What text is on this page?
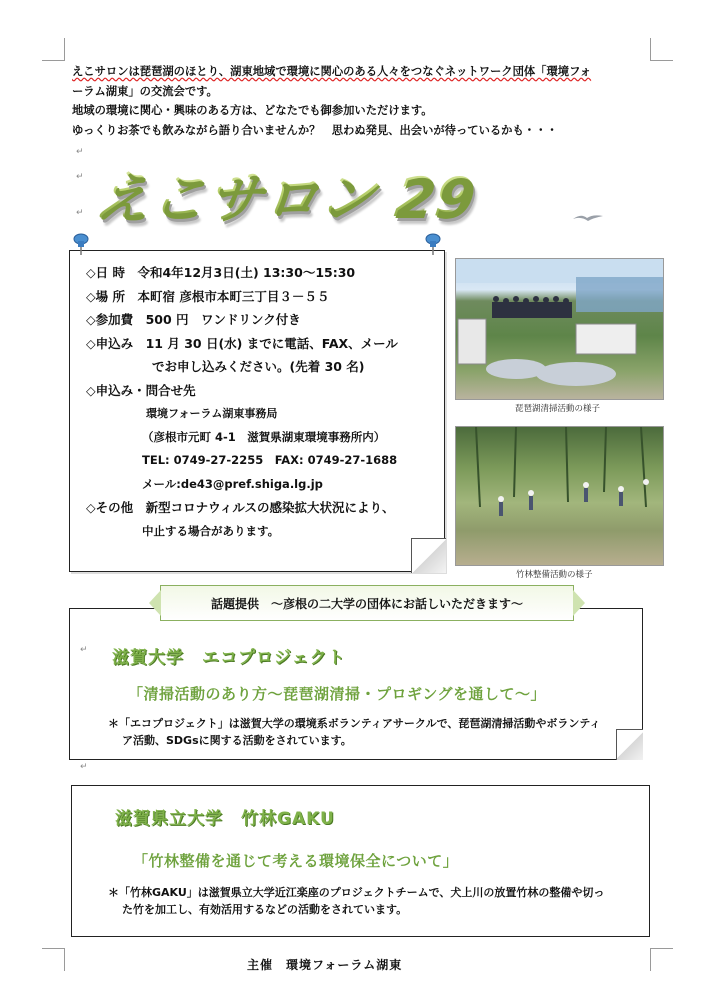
えこサロンは琵琶湖のほとり、湖東地域で環境に関心のある人々をつなぐネットワーク団体「環境フォ

ーラム湖東」の交流会です。

地域の環境に関心・興味のある方は、どなたでも御参加いただけます。

ゆっくりお茶でも飲みながら語り合いませんか？　思わぬ発見、出会いが待っているかも・・・

↵
↵
↵ えこサロン 29
◇日 時　令和4年12月3日(土) 13:30～15:30
◇場 所　本町宿 彦根市本町三丁目３－５５
◇参加費　500 円　ワンドリンク付き
◇申込み　11 月 30 日(水) までに電話、FAX、メール
でお申し込みください。(先着 30 名)
◇申込み・問合せ先
環境フォーラム湖東事務局
（彦根市元町 4-1　滋賀県湖東環境事務所内）
TEL: 0749-27-2255　FAX: 0749-27-1688
メール:de43@pref.shiga.lg.jp
◇その他　新型コロナウィルスの感染拡大状況により、
中止する場合があります。
琵琶湖清掃活動の様子
竹林整備活動の様子
話題提供　～彦根の二大学の団体にお話しいただきます～
滋賀大学　エコプロジェクト
「清掃活動のあり方～琵琶湖清掃・プロギングを通して～」
＊「エコプロジェクト」は滋賀大学の環境系ボランティアサークルで、琵琶湖清掃活動やボランティ
ア活動、SDGsに関する活動をされています。
↵
↵
滋賀県立大学　竹林GAKU
「竹林整備を通じて考える環境保全について」
＊「竹林GAKU」は滋賀県立大学近江楽座のプロジェクトチームで、犬上川の放置竹林の整備や切っ
た竹を加工し、有効活用するなどの活動をされています。
主催　環境フォーラム湖東
